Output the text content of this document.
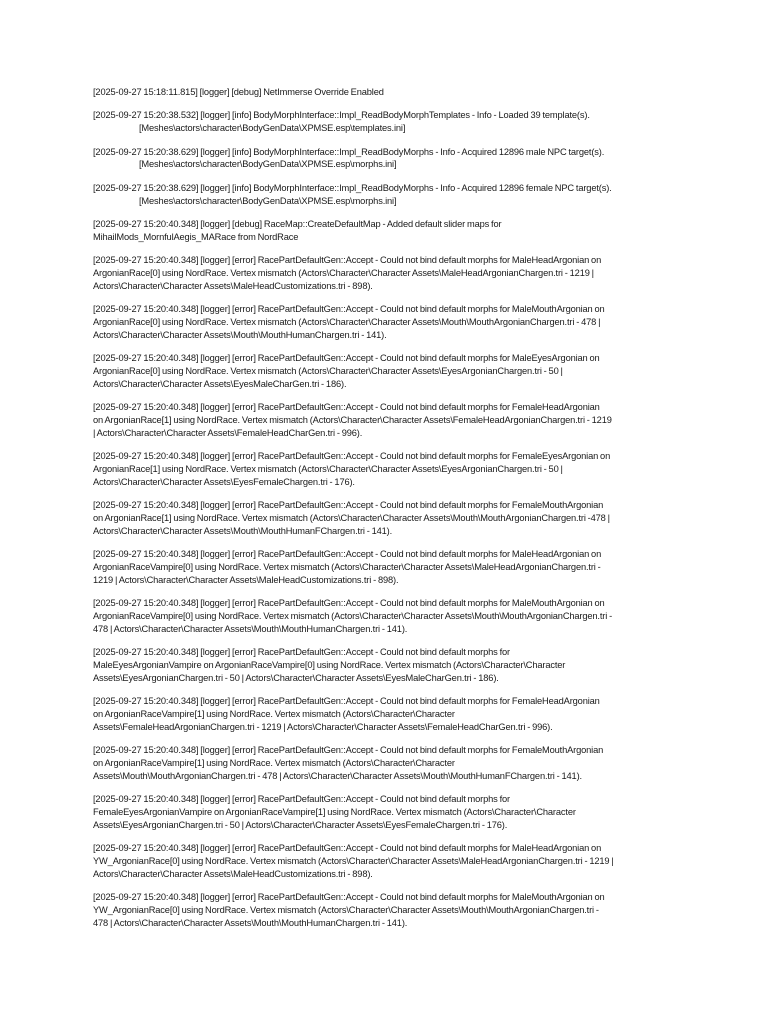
[2025-09-27 15:18:11.815] [logger] [debug] NetImmerse Override Enabled
[2025-09-27 15:20:38.532] [logger] [info] BodyMorphInterface::Impl_ReadBodyMorphTemplates - Info - Loaded 39 template(s).
[Meshes\actors\character\BodyGenData\XPMSE.esp\templates.ini]
[2025-09-27 15:20:38.629] [logger] [info] BodyMorphInterface::Impl_ReadBodyMorphs - Info - Acquired 12896 male NPC target(s).
[Meshes\actors\character\BodyGenData\XPMSE.esp\morphs.ini]
[2025-09-27 15:20:38.629] [logger] [info] BodyMorphInterface::Impl_ReadBodyMorphs - Info - Acquired 12896 female NPC target(s).
[Meshes\actors\character\BodyGenData\XPMSE.esp\morphs.ini]
[2025-09-27 15:20:40.348] [logger] [debug] RaceMap::CreateDefaultMap - Added default slider maps for
MihailMods_MornfulAegis_MARace from NordRace
[2025-09-27 15:20:40.348] [logger] [error] RacePartDefaultGen::Accept - Could not bind default morphs for MaleHeadArgonian on
ArgonianRace[0] using NordRace. Vertex mismatch (Actors\Character\Character Assets\MaleHeadArgonianChargen.tri - 1219 |
Actors\Character\Character Assets\MaleHeadCustomizations.tri - 898).
[2025-09-27 15:20:40.348] [logger] [error] RacePartDefaultGen::Accept - Could not bind default morphs for MaleMouthArgonian on
ArgonianRace[0] using NordRace. Vertex mismatch (Actors\Character\Character Assets\Mouth\MouthArgonianChargen.tri - 478 |
Actors\Character\Character Assets\Mouth\MouthHumanChargen.tri - 141).
[2025-09-27 15:20:40.348] [logger] [error] RacePartDefaultGen::Accept - Could not bind default morphs for MaleEyesArgonian on
ArgonianRace[0] using NordRace. Vertex mismatch (Actors\Character\Character Assets\EyesArgonianChargen.tri - 50 |
Actors\Character\Character Assets\EyesMaleCharGen.tri - 186).
[2025-09-27 15:20:40.348] [logger] [error] RacePartDefaultGen::Accept - Could not bind default morphs for FemaleHeadArgonian
on ArgonianRace[1] using NordRace. Vertex mismatch (Actors\Character\Character Assets\FemaleHeadArgonianChargen.tri - 1219
| Actors\Character\Character Assets\FemaleHeadCharGen.tri - 996).
[2025-09-27 15:20:40.348] [logger] [error] RacePartDefaultGen::Accept - Could not bind default morphs for FemaleEyesArgonian on
ArgonianRace[1] using NordRace. Vertex mismatch (Actors\Character\Character Assets\EyesArgonianChargen.tri - 50 |
Actors\Character\Character Assets\EyesFemaleChargen.tri - 176).
[2025-09-27 15:20:40.348] [logger] [error] RacePartDefaultGen::Accept - Could not bind default morphs for FemaleMouthArgonian
on ArgonianRace[1] using NordRace. Vertex mismatch (Actors\Character\Character Assets\Mouth\MouthArgonianChargen.tri -478 |
Actors\Character\Character Assets\Mouth\MouthHumanFChargen.tri - 141).
[2025-09-27 15:20:40.348] [logger] [error] RacePartDefaultGen::Accept - Could not bind default morphs for MaleHeadArgonian on
ArgonianRaceVampire[0] using NordRace. Vertex mismatch (Actors\Character\Character Assets\MaleHeadArgonianChargen.tri -
1219 | Actors\Character\Character Assets\MaleHeadCustomizations.tri - 898).
[2025-09-27 15:20:40.348] [logger] [error] RacePartDefaultGen::Accept - Could not bind default morphs for MaleMouthArgonian on
ArgonianRaceVampire[0] using NordRace. Vertex mismatch (Actors\Character\Character Assets\Mouth\MouthArgonianChargen.tri -
478 | Actors\Character\Character Assets\Mouth\MouthHumanChargen.tri - 141).
[2025-09-27 15:20:40.348] [logger] [error] RacePartDefaultGen::Accept - Could not bind default morphs for
MaleEyesArgonianVampire on ArgonianRaceVampire[0] using NordRace. Vertex mismatch (Actors\Character\Character
Assets\EyesArgonianChargen.tri - 50 | Actors\Character\Character Assets\EyesMaleCharGen.tri - 186).
[2025-09-27 15:20:40.348] [logger] [error] RacePartDefaultGen::Accept - Could not bind default morphs for FemaleHeadArgonian
on ArgonianRaceVampire[1] using NordRace. Vertex mismatch (Actors\Character\Character
Assets\FemaleHeadArgonianChargen.tri - 1219 | Actors\Character\Character Assets\FemaleHeadCharGen.tri - 996).
[2025-09-27 15:20:40.348] [logger] [error] RacePartDefaultGen::Accept - Could not bind default morphs for FemaleMouthArgonian
on ArgonianRaceVampire[1] using NordRace. Vertex mismatch (Actors\Character\Character
Assets\Mouth\MouthArgonianChargen.tri - 478 | Actors\Character\Character Assets\Mouth\MouthHumanFChargen.tri - 141).
[2025-09-27 15:20:40.348] [logger] [error] RacePartDefaultGen::Accept - Could not bind default morphs for
FemaleEyesArgonianVampire on ArgonianRaceVampire[1] using NordRace. Vertex mismatch (Actors\Character\Character
Assets\EyesArgonianChargen.tri - 50 | Actors\Character\Character Assets\EyesFemaleChargen.tri - 176).
[2025-09-27 15:20:40.348] [logger] [error] RacePartDefaultGen::Accept - Could not bind default morphs for MaleHeadArgonian on
YW_ArgonianRace[0] using NordRace. Vertex mismatch (Actors\Character\Character Assets\MaleHeadArgonianChargen.tri - 1219 |
Actors\Character\Character Assets\MaleHeadCustomizations.tri - 898).
[2025-09-27 15:20:40.348] [logger] [error] RacePartDefaultGen::Accept - Could not bind default morphs for MaleMouthArgonian on
YW_ArgonianRace[0] using NordRace. Vertex mismatch (Actors\Character\Character Assets\Mouth\MouthArgonianChargen.tri -
478 | Actors\Character\Character Assets\Mouth\MouthHumanChargen.tri - 141).
